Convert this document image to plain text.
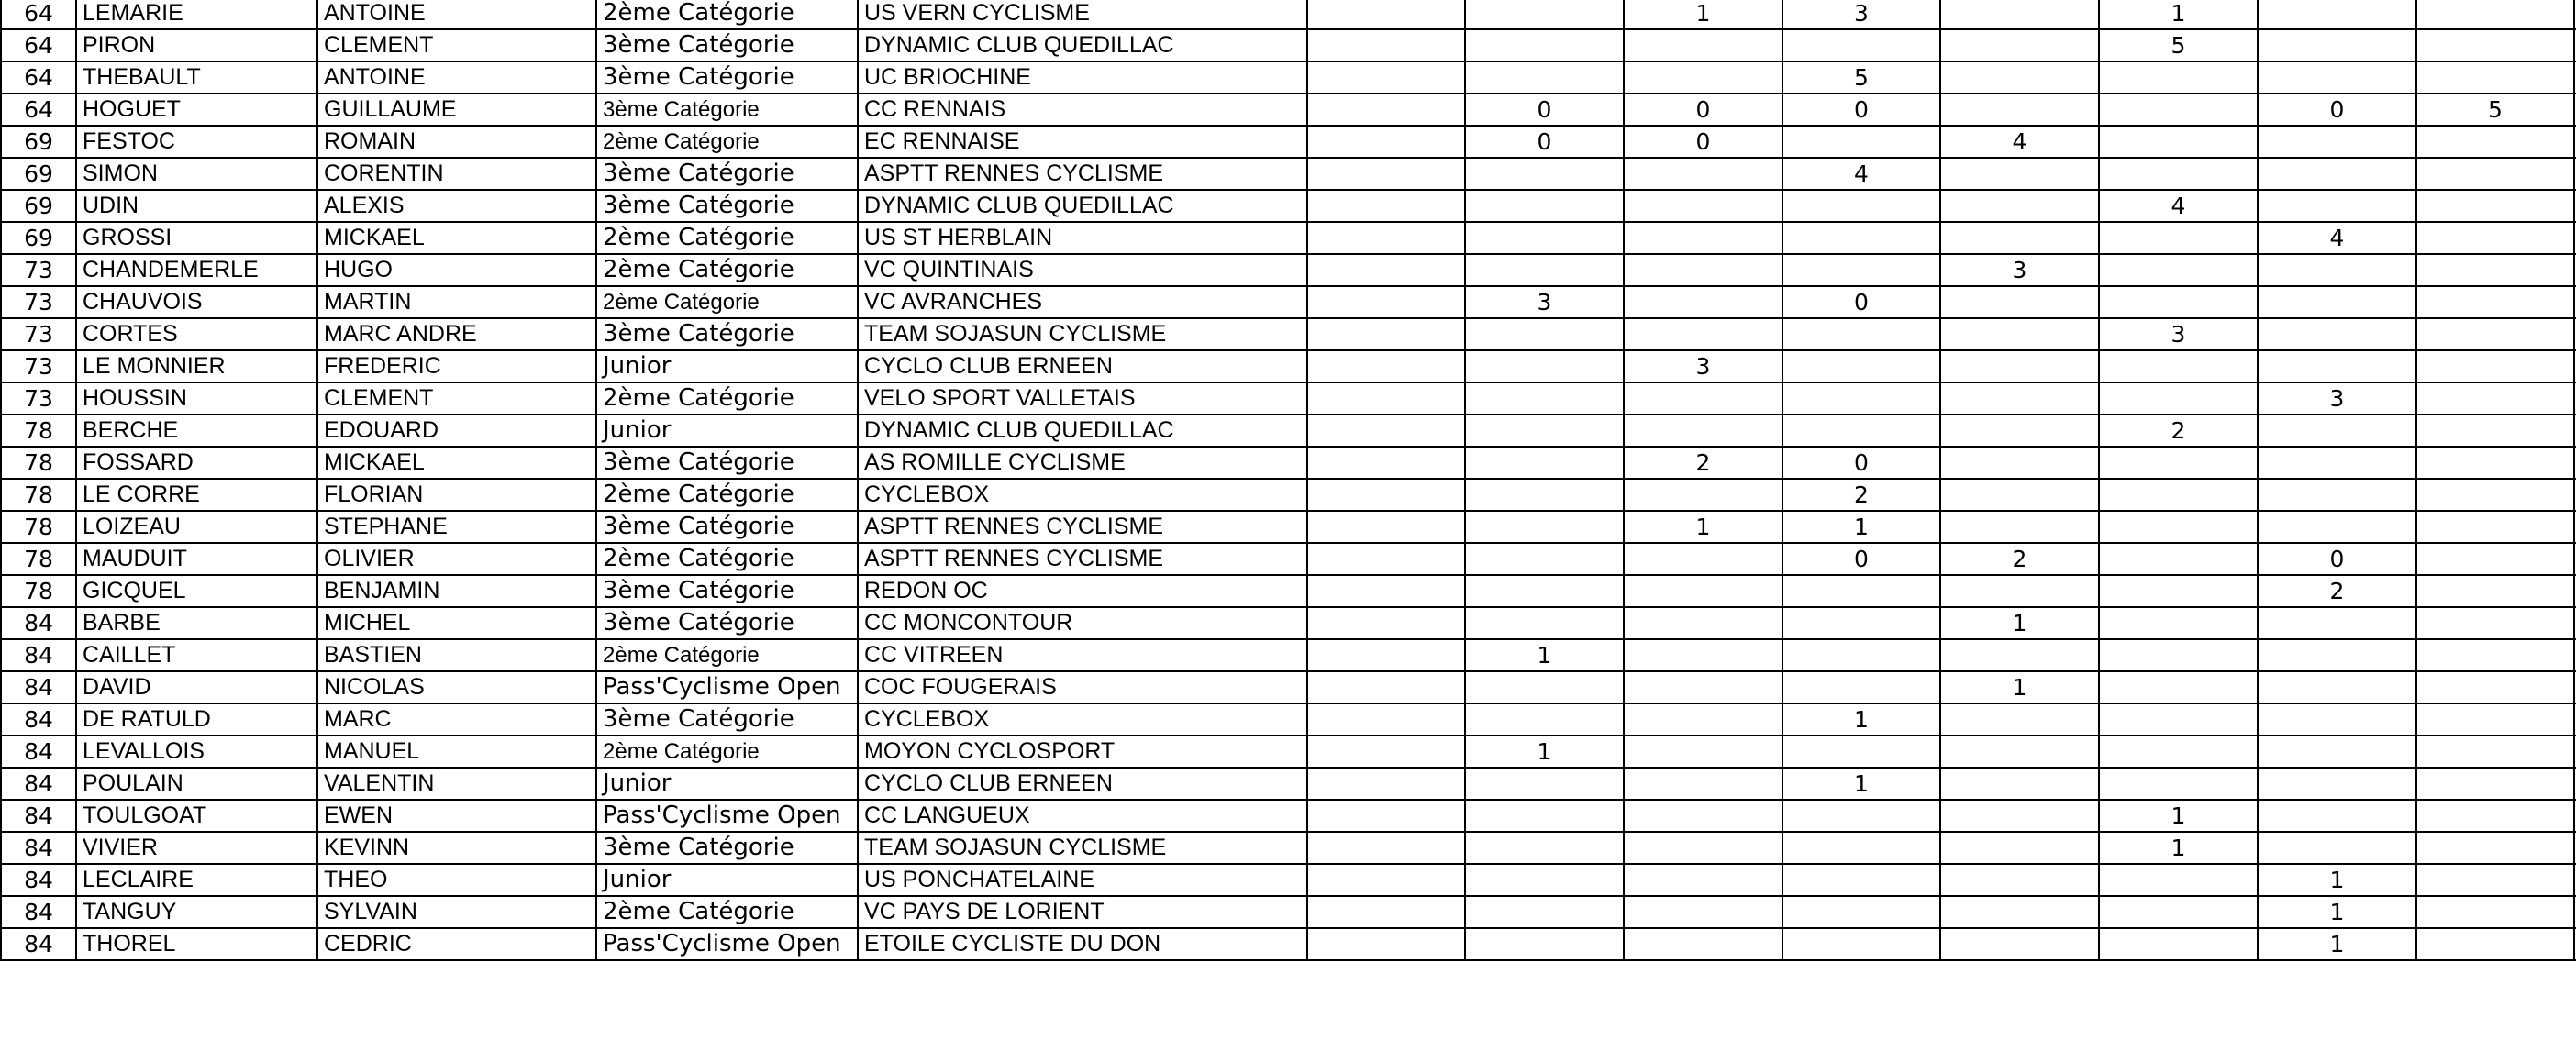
64	LEMARIE	ANTOINE	2ème Catégorie	US VERN CYCLISME			1	3		1				
64	PIRON	CLEMENT	3ème Catégorie	DYNAMIC CLUB QUEDILLAC						5				
64	THEBAULT	ANTOINE	3ème Catégorie	UC BRIOCHINE				5						
64	HOGUET	GUILLAUME	3ème Catégorie	CC RENNAIS		0	0	0			0	5		
69	FESTOC	ROMAIN	2ème Catégorie	EC RENNAISE		0	0		4					
69	SIMON	CORENTIN	3ème Catégorie	ASPTT RENNES CYCLISME				4						
69	UDIN	ALEXIS	3ème Catégorie	DYNAMIC CLUB QUEDILLAC						4				
69	GROSSI	MICKAEL	2ème Catégorie	US ST HERBLAIN							4			
73	CHANDEMERLE	HUGO	2ème Catégorie	VC QUINTINAIS					3					
73	CHAUVOIS	MARTIN	2ème Catégorie	VC AVRANCHES		3		0						
73	CORTES	MARC ANDRE	3ème Catégorie	TEAM SOJASUN CYCLISME						3				
73	LE MONNIER	FREDERIC	Junior	CYCLO CLUB ERNEEN			3							
73	HOUSSIN	CLEMENT	2ème Catégorie	VELO SPORT VALLETAIS							3			
78	BERCHE	EDOUARD	Junior	DYNAMIC CLUB QUEDILLAC						2				
78	FOSSARD	MICKAEL	3ème Catégorie	AS ROMILLE CYCLISME			2	0						
78	LE CORRE	FLORIAN	2ème Catégorie	CYCLEBOX				2						
78	LOIZEAU	STEPHANE	3ème Catégorie	ASPTT RENNES CYCLISME			1	1						
78	MAUDUIT	OLIVIER	2ème Catégorie	ASPTT RENNES CYCLISME				0	2		0			
78	GICQUEL	BENJAMIN	3ème Catégorie	REDON OC							2			
84	BARBE	MICHEL	3ème Catégorie	CC MONCONTOUR					1					
84	CAILLET	BASTIEN	2ème Catégorie	CC VITREEN		1								
84	DAVID	NICOLAS	Pass'Cyclisme Open	COC FOUGERAIS					1					
84	DE RATULD	MARC	3ème Catégorie	CYCLEBOX				1						
84	LEVALLOIS	MANUEL	2ème Catégorie	MOYON CYCLOSPORT		1								
84	POULAIN	VALENTIN	Junior	CYCLO CLUB ERNEEN				1						
84	TOULGOAT	EWEN	Pass'Cyclisme Open	CC LANGUEUX						1				
84	VIVIER	KEVINN	3ème Catégorie	TEAM SOJASUN CYCLISME						1				
84	LECLAIRE	THEO	Junior	US PONCHATELAINE							1			
84	TANGUY	SYLVAIN	2ème Catégorie	VC PAYS DE LORIENT							1			
84	THOREL	CEDRIC	Pass'Cyclisme Open	ETOILE CYCLISTE DU DON							1			
